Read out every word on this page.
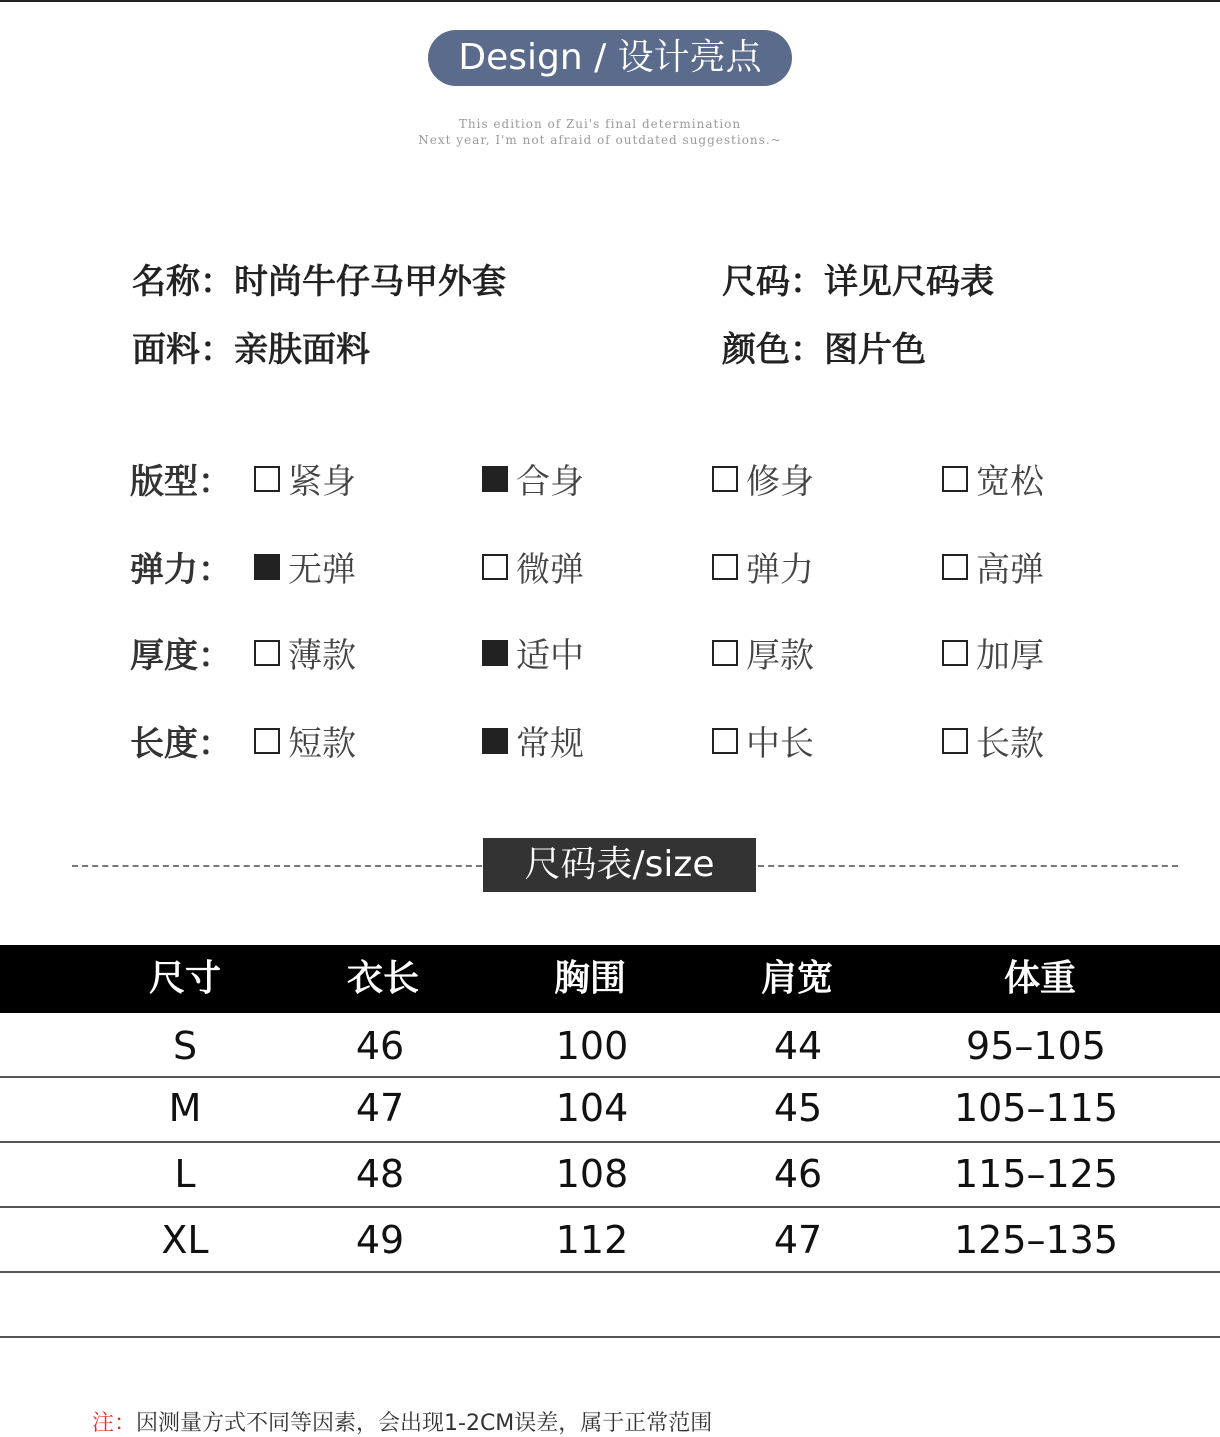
Design / 设计亮点
This edition of Zui's final determination
Next year, I'm not afraid of outdated suggestions.~
名称：时尚牛仔马甲外套	尺码：详见尺码表
面料：亲肤面料	颜色：图片色
版型： 紧身	合身	修身	宽松
弹力： 无弹	微弹	弹力	高弹
厚度： 薄款	适中	厚款	加厚
长度： 短款	常规	中长	长款
尺码表/size
尺寸	衣长	胸围	肩宽	体重
S	46	100	44	95–105
M	47	104	45	105–115
L	48	108	46	115–125
XL	49	112	47	125–135
注：因测量方式不同等因素，会出现1-2CM误差，属于正常范围
